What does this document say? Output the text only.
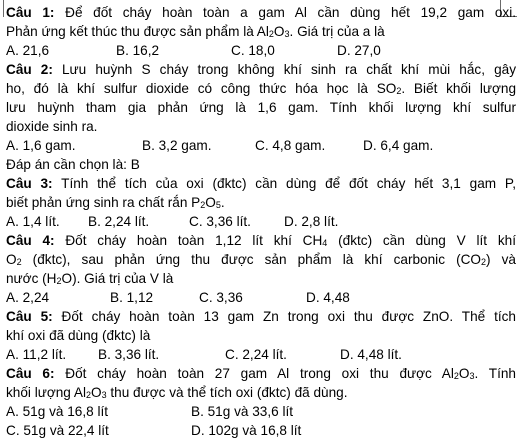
Câu 1: Để đốt cháy hoàn toàn a gam Al cần dùng hết 19,2 gam oxi.
Phản ứng kết thúc thu được sản phẩm là Al2O3. Giá trị của a là
A. 21,6	B. 16,2	C. 18,0	D. 27,0
Câu 2: Lưu huỳnh S cháy trong không khí sinh ra chất khí mùi hắc, gây
ho, đó là khí sulfur dioxide có công thức hóa học là SO2. Biết khối lượng
lưu huỳnh tham gia phản ứng là 1,6 gam. Tính khối lượng khí sulfur
dioxide sinh ra.
A. 1,6 gam.	B. 3,2 gam.	C. 4,8 gam.	D. 6,4 gam.
Đáp án cần chọn là: B
Câu 3: Tính thể tích của oxi (đktc) cần dùng để đốt cháy hết 3,1 gam P,
biết phản ứng sinh ra chất rắn P2O5.
A. 1,4 lít. B. 2,24 lít.	C. 3,36 lít. D. 2,8 lít.
Câu 4: Đốt cháy hoàn toàn 1,12 lít khí CH4 (đktc) cần dùng V lít khí
O2 (đktc), sau phản ứng thu được sản phẩm là khí carbonic (CO2) và
nước (H2O). Giá trị của V là
A. 2,24	B. 1,12	C. 3,36	D. 4,48
Câu 5: Đốt cháy hoàn toàn 13 gam Zn trong oxi thu được ZnO. Thể tích
khí oxi đã dùng (đktc) là
A. 11,2 lít. B. 3,36 lít.	C. 2,24 lít.	D. 4,48 lít.
Câu 6: Đốt cháy hoàn toàn 27 gam Al trong oxi thu được Al2O3. Tính
khối lượng Al2O3 thu được và thể tích oxi (đktc) đã dùng.
A. 51g và 16,8 lít	B. 51g và 33,6 lít
C. 51g và 22,4 lít	D. 102g và 16,8 lít
